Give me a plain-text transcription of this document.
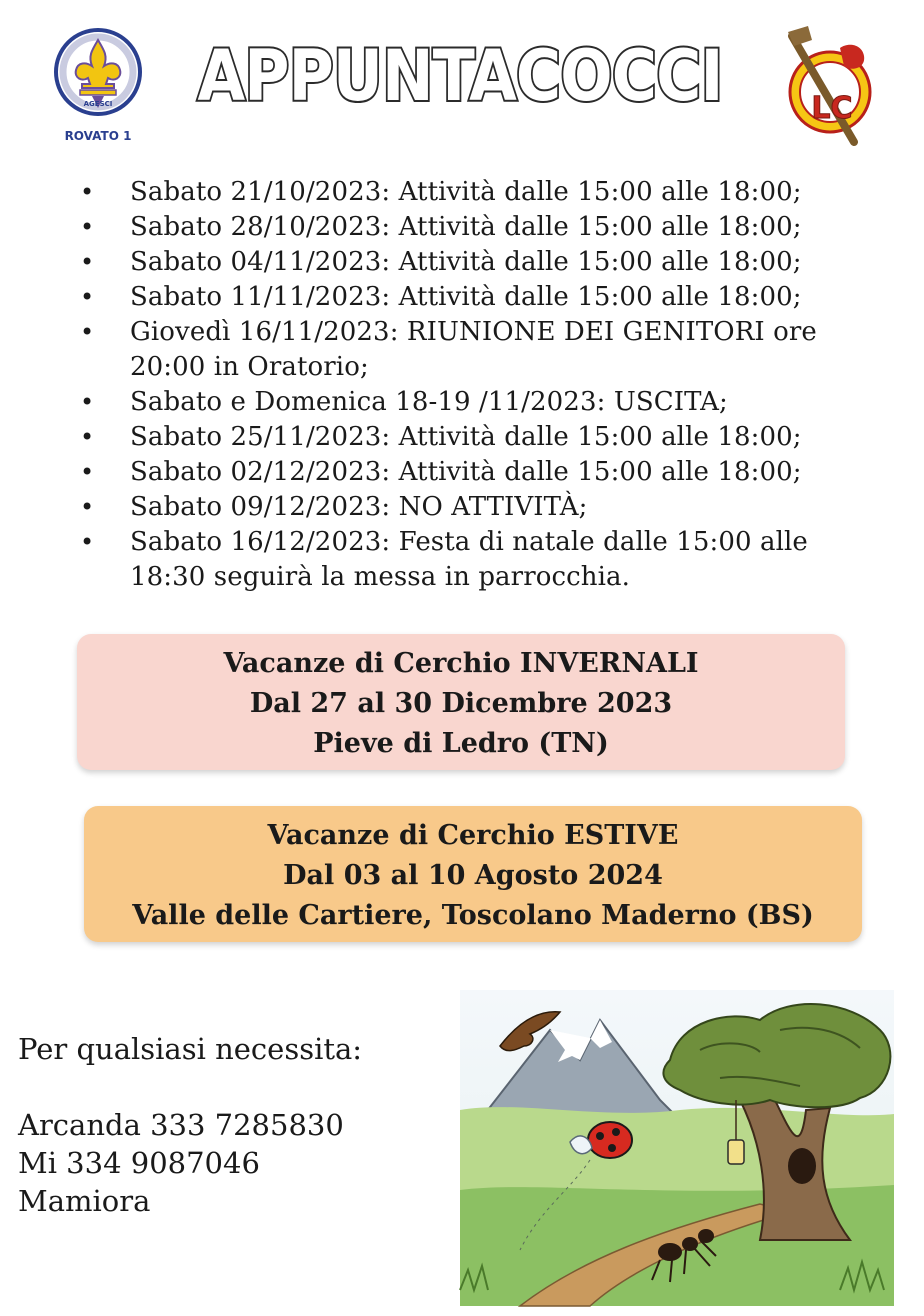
AGESCI
ROVATO 1
APPUNTACOCCI	LC
• Sabato 21/10/2023: Attività dalle 15:00 alle 18:00;
• Sabato 28/10/2023: Attività dalle 15:00 alle 18:00;
• Sabato 04/11/2023: Attività dalle 15:00 alle 18:00;
• Sabato 11/11/2023: Attività dalle 15:00 alle 18:00;
• Giovedì 16/11/2023: RIUNIONE DEI GENITORI ore 20:00 in Oratorio;
• Sabato e Domenica 18-19 /11/2023: USCITA;
• Sabato 25/11/2023: Attività dalle 15:00 alle 18:00;
• Sabato 02/12/2023: Attività dalle 15:00 alle 18:00;
• Sabato 09/12/2023: NO ATTIVITÀ;
• Sabato 16/12/2023: Festa di natale dalle 15:00 alle 18:30 seguirà la messa in parrocchia.
Vacanze di Cerchio INVERNALI
Dal 27 al 30 Dicembre 2023
Pieve di Ledro (TN)
Vacanze di Cerchio ESTIVE
Dal 03 al 10 Agosto 2024
Valle delle Cartiere, Toscolano Maderno (BS)
Per qualsiasi necessita:
Arcanda 333 7285830
Mi 334 9087046
Mamiora
